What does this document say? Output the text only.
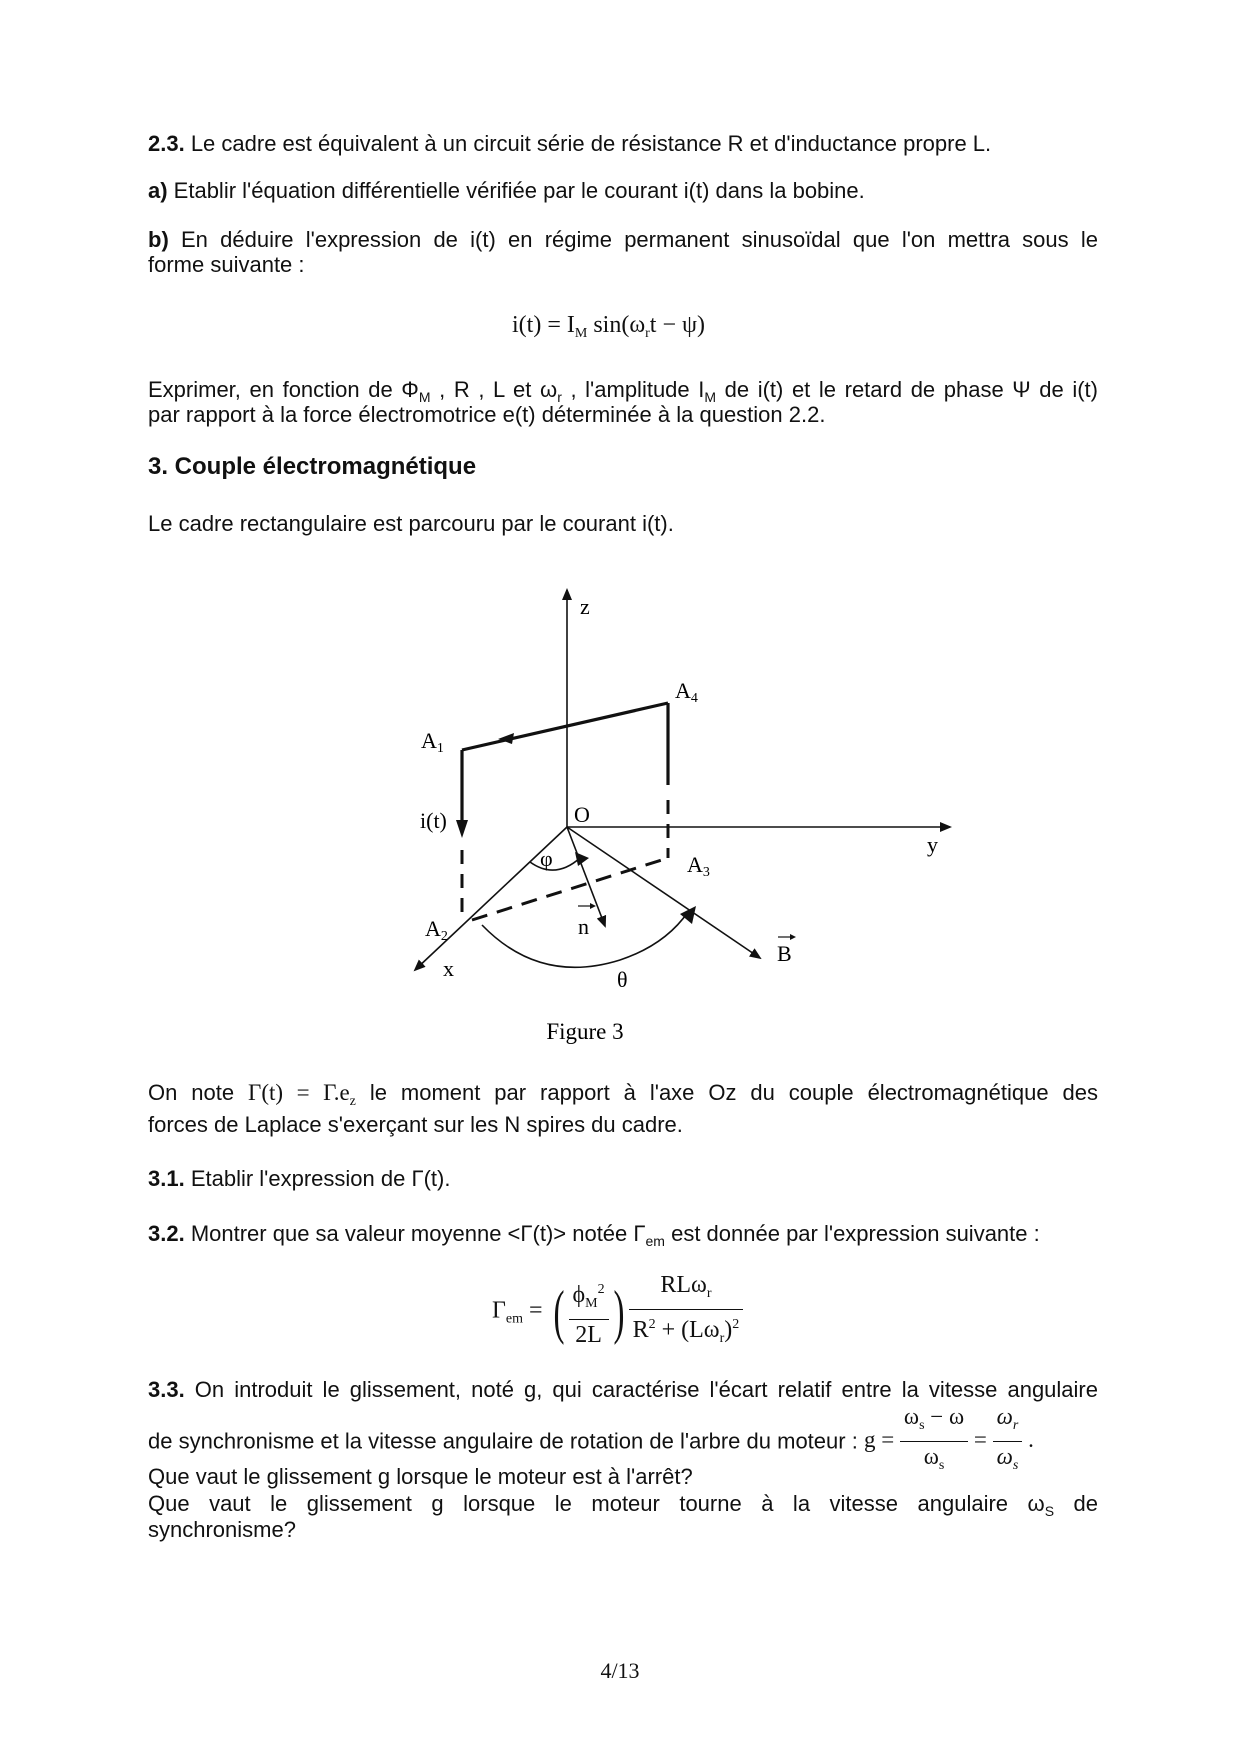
2.3. Le cadre est équivalent à un circuit série de résistance R et d'inductance propre L.

a) Etablir l'équation différentielle vérifiée par le courant i(t) dans la bobine.

b) En déduire l'expression de i(t) en régime permanent sinusoïdal que l'on mettra sous le

forme suivante :

$i(t) = I_M$ $\sin(\omega_rt - \psi)$

Exprimer, en fonction de $\Phi_M$ , R , L et $\omega_r$ , l'amplitude $I_M$ de i(t) et le retard de phase Ψ de i(t)

par rapport à la force électromotrice e(t) déterminée à la question 2.2.

3. Couple électromagnétique

Le cadre rectangulaire est parcouru par le courant i(t).

z
y
x
O
A1
A2
A3
A4
i(t)
φ
n
B
θ
Figure 3

On note $\Gamma(t) = \Gamma.e_z$ le moment par rapport à l'axe Oz du couple électromagnétique des

forces de Laplace s'exerçant sur les N spires du cadre.

3.1. Etablir l'expression de Γ(t).

3.2. Montrer que sa valeur moyenne <Γ(t)> notée $\Gamma_{em}$ est donnée par l'expression suivante :

$\Gamma_{em}$ = ( $\frac{\phi_M^2}{2L}$ ) $\frac{RL\omega_r}{R^2 + (L\omega_r)^2}$

3.3. On introduit le glissement, noté g, qui caractérise l'écart relatif entre la vitesse angulaire

de synchronisme et la vitesse angulaire de rotation de l'arbre du moteur : $g = \frac{\omega_s - \omega}{\omega_s} = \frac{\omega_r}{\omega_s}$ .

Que vaut le glissement g lorsque le moteur est à l'arrêt?

Que vaut le glissement g lorsque le moteur tourne à la vitesse angulaire $\omega_S$ de

synchronisme?

4/13
